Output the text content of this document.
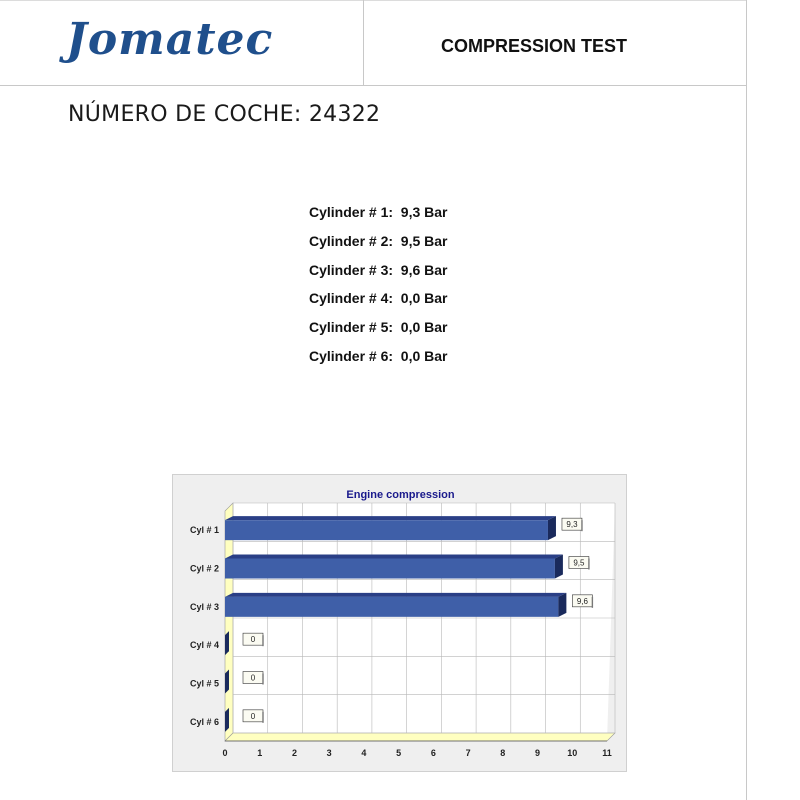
Jomatec	COMPRESSION TEST
NÚMERO DE COCHE: 24322
Cylinder # 1:  9,3 Bar
Cylinder # 2:  9,5 Bar
Cylinder # 3:  9,6 Bar
Cylinder # 4:  0,0 Bar
Cylinder # 5:  0,0 Bar
Cylinder # 6:  0,0 Bar
Engine compression
0	1	2	3	4	5	6	7	8	9	10	11
Cyl # 1
9,3
Cyl # 2
9,5
Cyl # 3
9,6
Cyl # 4
0
Cyl # 5
0
Cyl # 6
0
